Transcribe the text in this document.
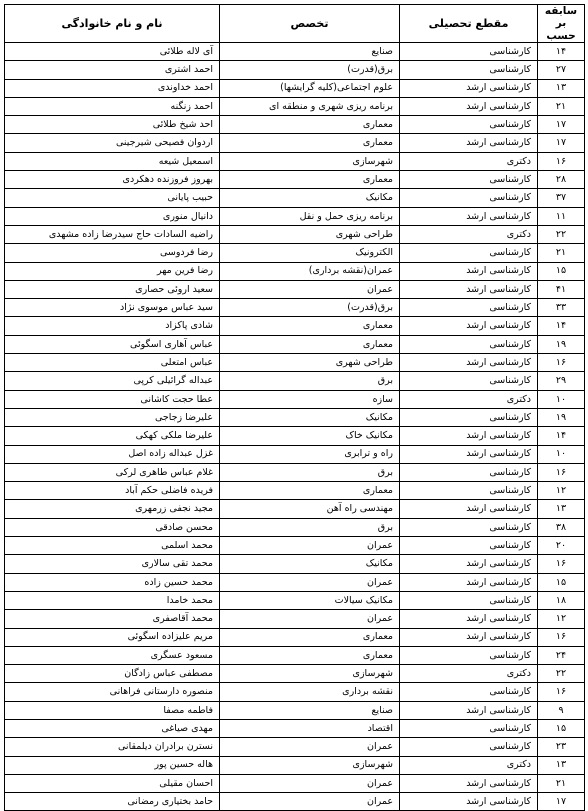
سابقه بر حسب	مقطع تحصیلی	تخصص	نام و نام خانوادگی
۱۴	کارشناسی	صنایع	آی لاله طلائی
۲۷	کارشناسی	برق(قدرت)	احمد اشتری
۱۳	کارشناسی ارشد	علوم اجتماعی(کلیه گرایشها)	احمد خداوندی
۲۱	کارشناسی ارشد	برنامه ریزی شهری و منطقه ای	احمد زنگنه
۱۷	کارشناسی	معماری	احد شیخ طلائی
۱۷	کارشناسی ارشد	معماری	اردوان فصیحی شیرجینی
۱۶	دکتری	شهرسازی	اسمعیل شیعه
۲۸	کارشناسی	معماری	بهروز فروزنده دهکردی
۳۷	کارشناسی	مکانیک	حبیب پایانی
۱۱	کارشناسی ارشد	برنامه ریزی حمل و نقل	دانیال منوری
۲۲	دکتری	طراحی شهری	راضیه السادات حاج سیدرضا زاده مشهدی
۲۱	کارشناسی	الکترونیک	رضا فردوسی
۱۵	کارشناسی ارشد	عمران(نقشه برداری)	رضا فرین مهر
۴۱	کارشناسی ارشد	عمران	سعید اروئی حصاری
۳۳	کارشناسی	برق(قدرت)	سید عباس موسوی نژاد
۱۴	کارشناسی ارشد	معماری	شادی پاکزاد
۱۹	کارشناسی	معماری	عباس آهاری اسگوئی
۱۶	کارشناسی ارشد	طراحی شهری	عباس امتعلی
۲۹	کارشناسی	برق	عبداله گرائیلی کرپی
۱۰	دکتری	سازه	عطا حجت کاشانی
۱۹	کارشناسی	مکانیک	علیرضا زجاجی
۱۴	کارشناسی ارشد	مکانیک خاک	علیرضا ملکی کهکی
۱۰	کارشناسی ارشد	راه و ترابری	غزل عبداله زاده اصل
۱۶	کارشناسی	برق	غلام عباس طاهری لرکی
۱۲	کارشناسی	معماری	فریده فاضلی حکم آباد
۱۳	کارشناسی ارشد	مهندسی راه آهن	مجید نجفی زرمهری
۳۸	کارشناسی	برق	محسن صادقی
۲۰	کارشناسی	عمران	محمد اسلمی
۱۶	کارشناسی ارشد	مکانیک	محمد تقی سالاری
۱۵	کارشناسی ارشد	عمران	محمد حسین زاده
۱۸	کارشناسی	مکانیک سیالات	محمد خامدا
۱۲	کارشناسی ارشد	عمران	محمد آقاصفری
۱۶	کارشناسی ارشد	معماری	مریم علیزاده اسگوئی
۲۴	کارشناسی	معماری	مسعود عسگری
۲۲	دکتری	شهرسازی	مصطفی عباس زادگان
۱۶	کارشناسی	نقشه برداری	منصوره دارستانی فراهانی
۹	کارشناسی ارشد	صنایع	فاطمه مصفا
۱۵	کارشناسی	اقتصاد	مهدی صیاغی
۲۳	کارشناسی	عمران	نسترن برادران دیلمقانی
۱۳	دکتری	شهرسازی	هاله حسین پور
۲۱	کارشناسی ارشد	عمران	احسان مقیلی
۱۷	کارشناسی ارشد	عمران	حامد بختیاری رمضانی
